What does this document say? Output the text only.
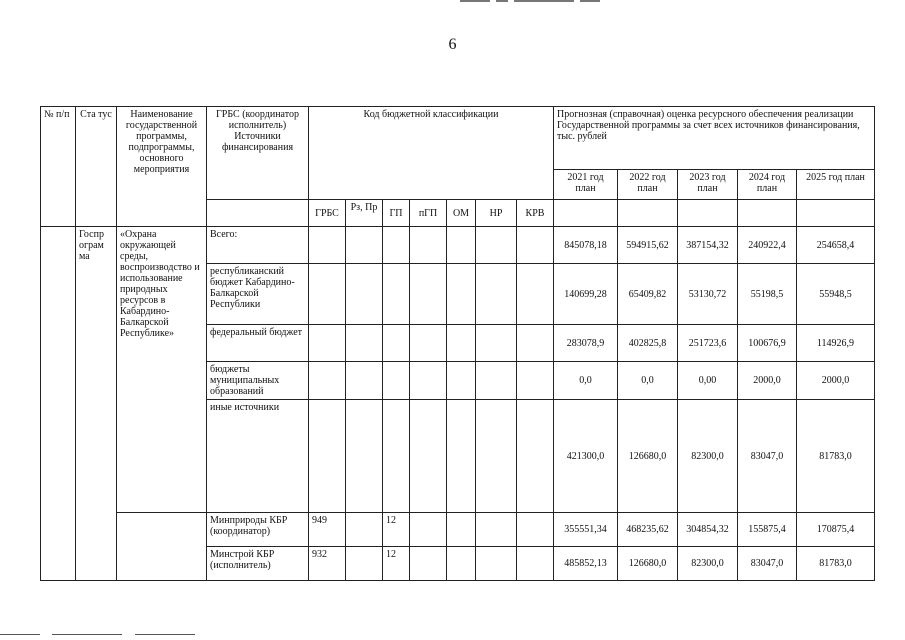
6
№ п/п	Ста тус	Наименование государственной программы, подпрограммы, основного мероприятия	ГРБС (координатор исполнитель) Источники финансирования	Код бюджетной классификации							Прогнозная (справочная) оценка ресурсного обеспечения реализации Государственной программы за счет всех источников финансирования, тыс. рублей				
											2021 год план	2022 год план	2023 год план	2024 год план	2025 год план
				ГРБС	Рз, Пр	ГП	пГП	ОМ	НР	КРВ					
	Госпр ограм ма	«Охрана окружающей среды, воспроизводство и использование природных ресурсов в Кабардино-Балкарской Республике»	Всего:								845078,18	594915,62	387154,32	240922,4	254658,4
			республиканский бюджет Кабардино-Балкарской Республики								140699,28	65409,82	53130,72	55198,5	55948,5
			федеральный бюджет								283078,9	402825,8	251723,6	100676,9	114926,9
			бюджеты муниципальных образований								0,0	0,0	0,00	2000,0	2000,0
			иные источники								421300,0	126680,0	82300,0	83047,0	81783,0
			Минприроды КБР (координатор)	949		12					355551,34	468235,62	304854,32	155875,4	170875,4
			Минстрой КБР (исполнитель)	932		12					485852,13	126680,0	82300,0	83047,0	81783,0
